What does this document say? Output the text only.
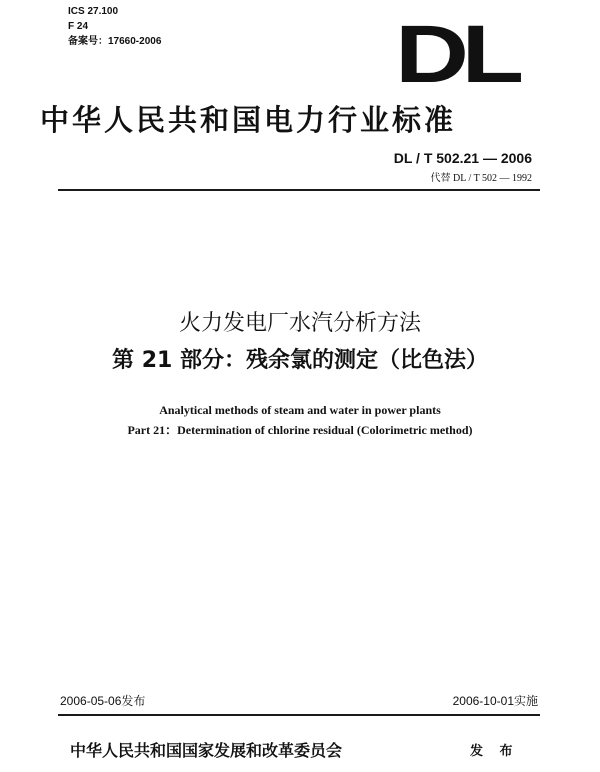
ICS 27.100
F 24
备案号：17660-2006	DL
中华人民共和国电力行业标准
DL / T 502.21 — 2006
代替 DL / T 502 — 1992
火力发电厂水汽分析方法
第 21 部分：残余氯的测定（比色法）
Analytical methods of steam and water in power plants
Part 21：Determination of chlorine residual (Colorimetric method)
2006-05-06发布	2006-10-01实施
中华人民共和国国家发展和改革委员会	发 布
